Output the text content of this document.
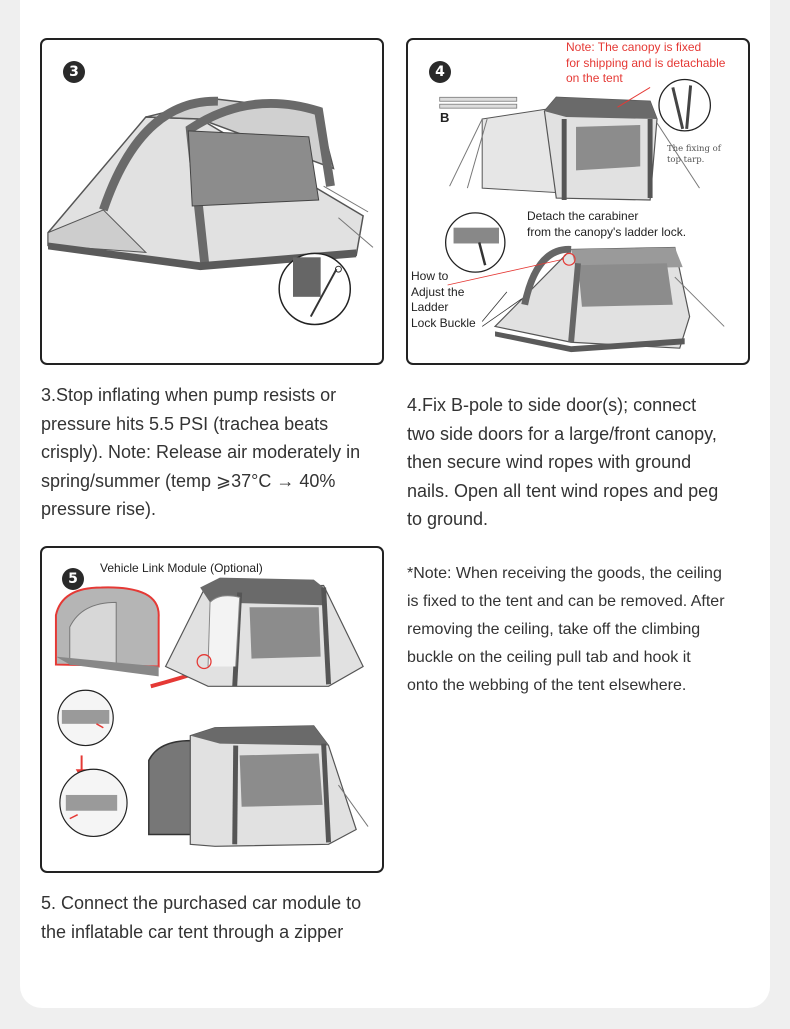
3	4
Note: The canopy is fixed
for shipping and is detachable
on the tent
B
The fixing of
top tarp.
Detach the carabiner
from the canopy's ladder lock.
How to
Adjust the
Ladder
Lock Buckle
5
Vehicle Link Module (Optional)
3.Stop inflating when pump resists or
pressure hits 5.5 PSI (trachea beats
crisply). Note: Release air moderately in
spring/summer (temp ⩾37°C → 40%
pressure rise).
4.Fix B-pole to side door(s); connect
two side doors for a large/front canopy,
then secure wind ropes with ground
nails. Open all tent wind ropes and peg
to ground.
*Note: When receiving the goods, the ceiling
is fixed to the tent and can be removed. After
removing the ceiling, take off the climbing
buckle on the ceiling pull tab and hook it
onto the webbing of the tent elsewhere.
5. Connect the purchased car module to
the inflatable car tent through a zipper
